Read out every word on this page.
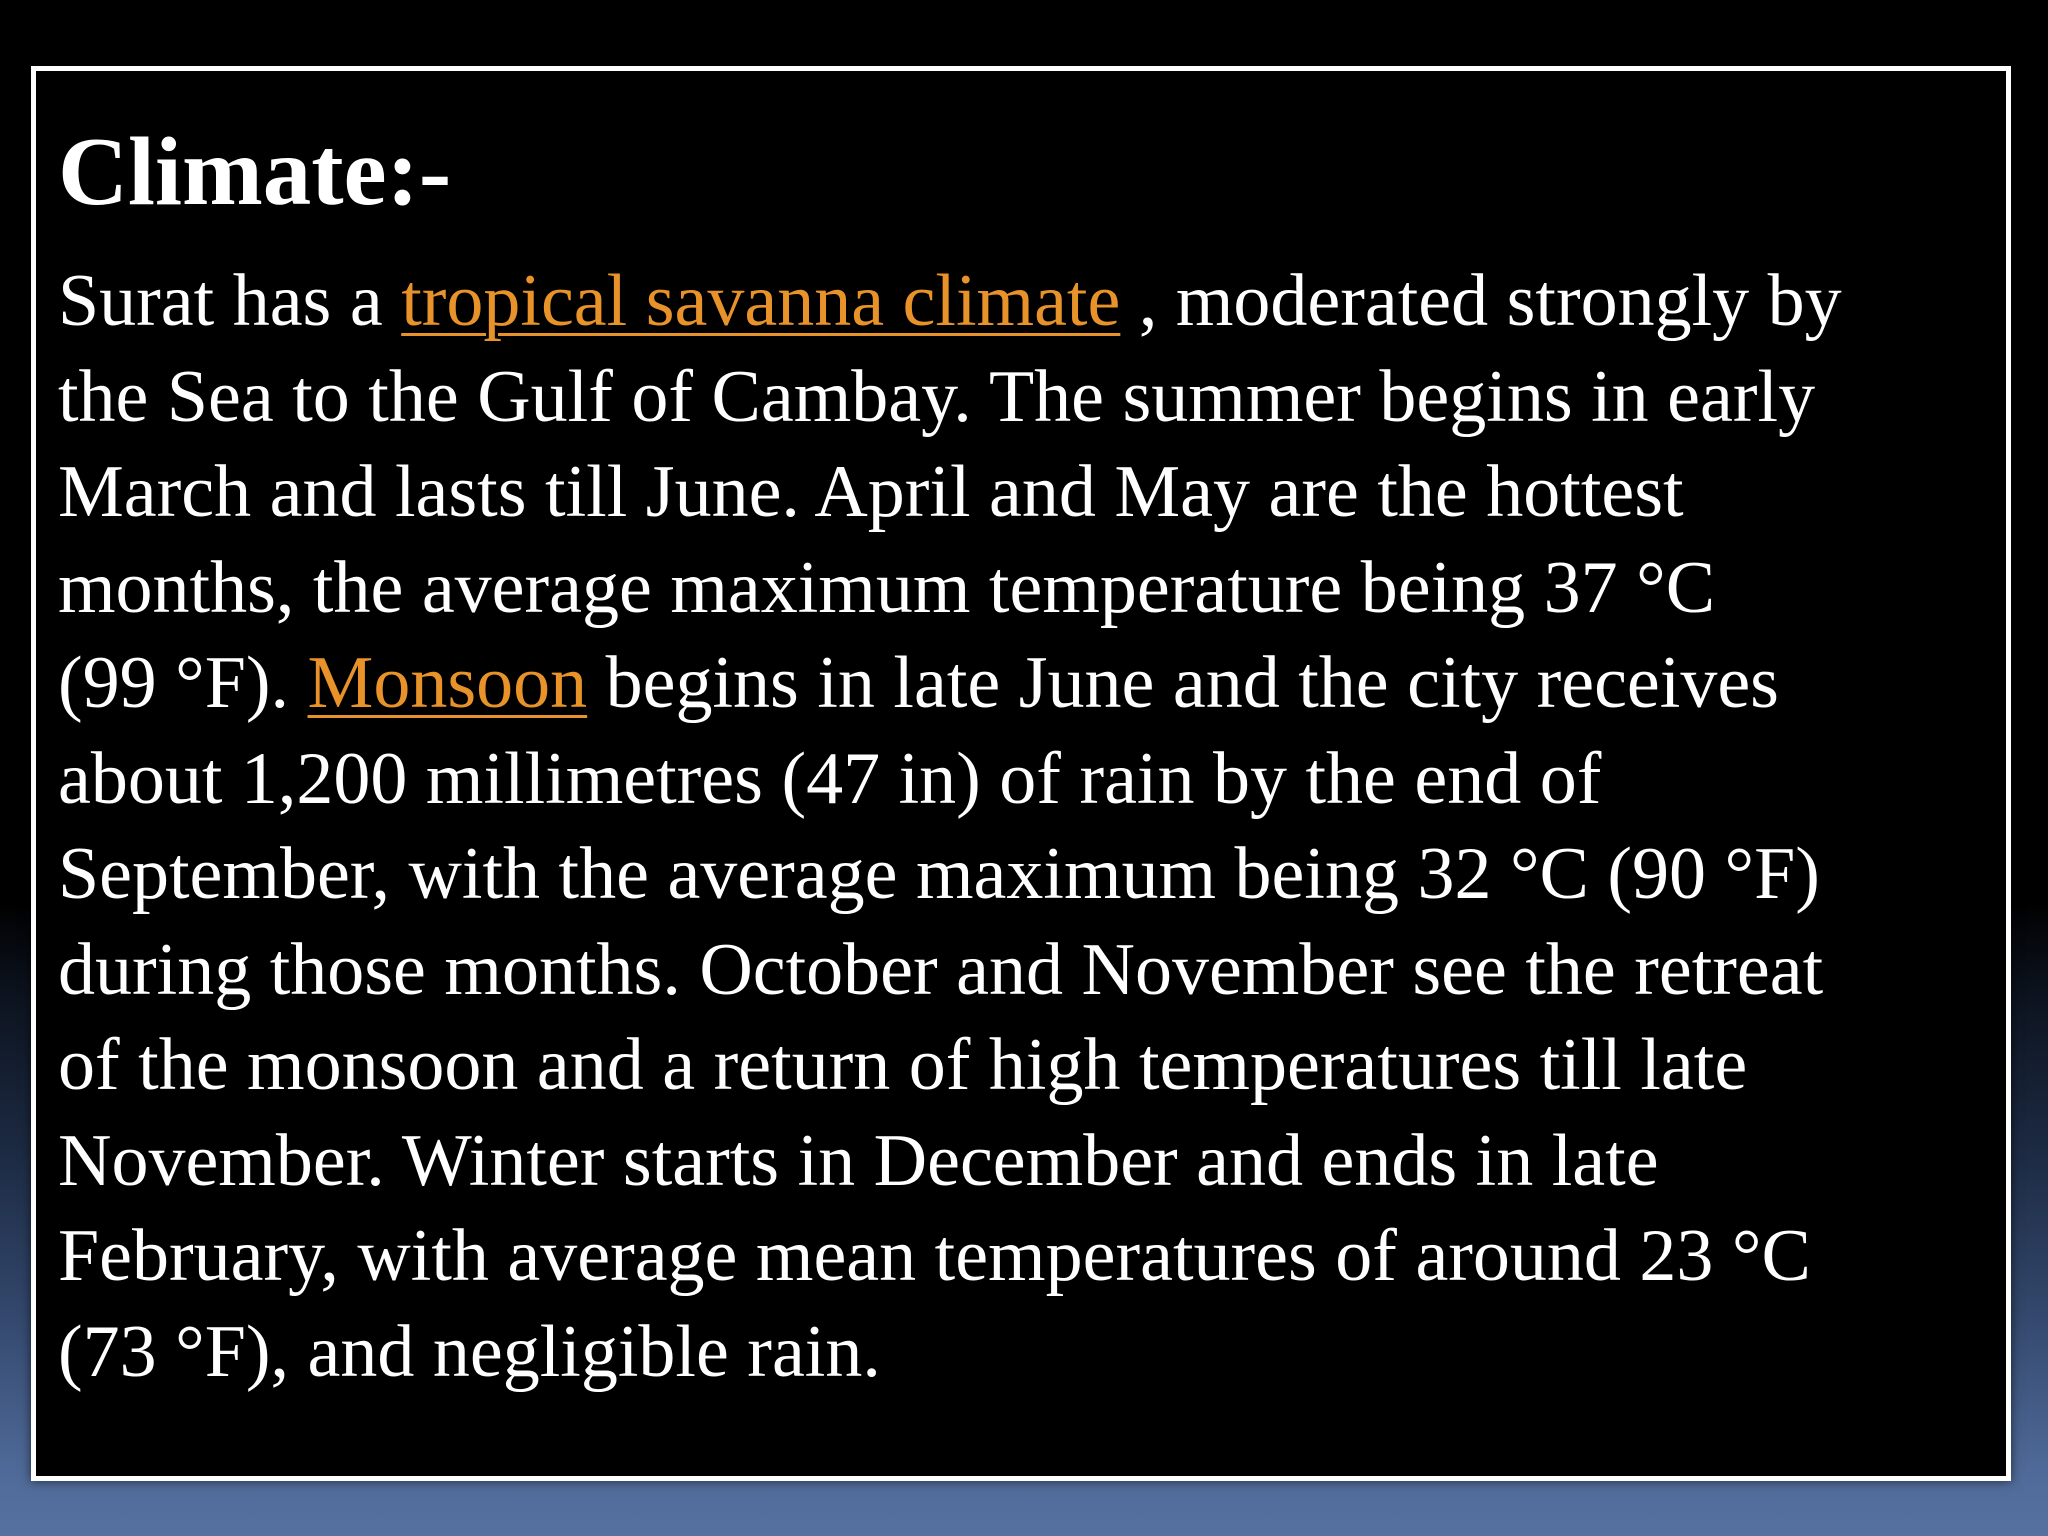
Climate:-

Surat has a tropical savanna climate , moderated strongly by
the Sea to the Gulf of Cambay. The summer begins in early
March and lasts till June. April and May are the hottest
months, the average maximum temperature being 37 °C
(99 °F). Monsoon begins in late June and the city receives
about 1,200 millimetres (47 in) of rain by the end of
September, with the average maximum being 32 °C (90 °F)
during those months. October and November see the retreat
of the monsoon and a return of high temperatures till late
November. Winter starts in December and ends in late
February, with average mean temperatures of around 23 °C
(73 °F), and negligible rain.
